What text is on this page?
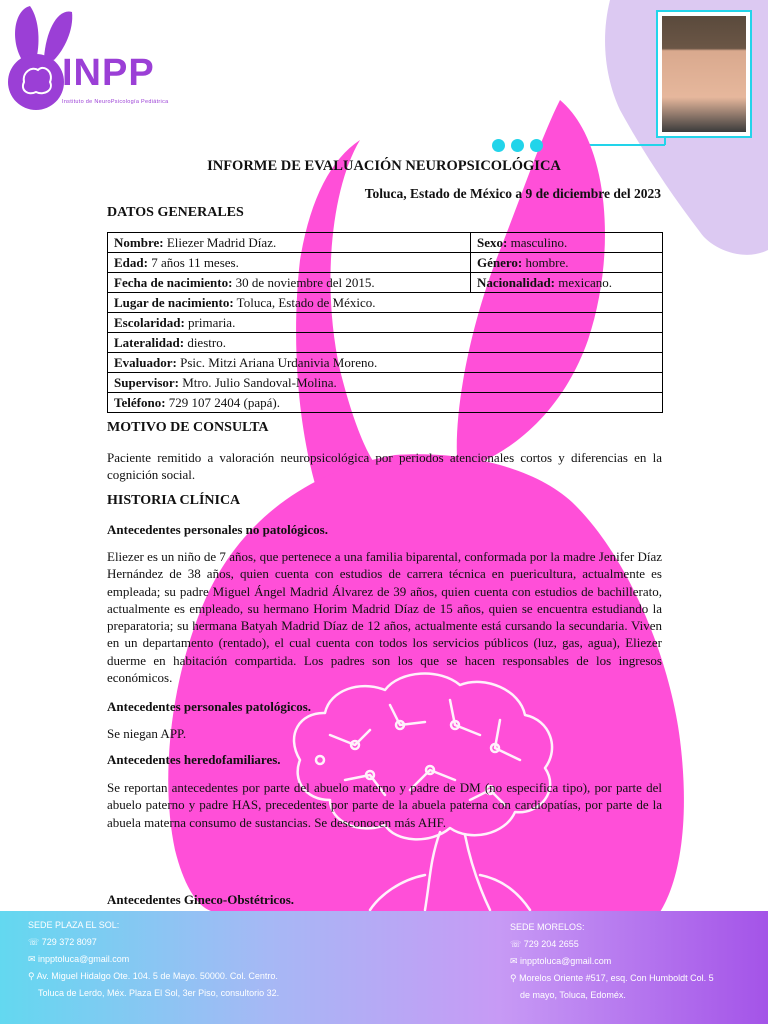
INPP
Instituto de NeuroPsicología Pediátrica
INFORME DE EVALUACIÓN NEUROPSICOLÓGICA
Toluca, Estado de México a 9 de diciembre del 2023
DATOS GENERALES
Nombre: Eliezer Madrid Díaz.	Sexo: masculino.
Edad: 7 años 11 meses.	Género: hombre.
Fecha de nacimiento: 30 de noviembre del 2015.	Nacionalidad: mexicano.
Lugar de nacimiento: Toluca, Estado de México.	
Escolaridad: primaria.	
Lateralidad: diestro.	
Evaluador: Psic. Mitzi Ariana Urdanivia Moreno.	
Supervisor: Mtro. Julio Sandoval-Molina.	
Teléfono: 729 107 2404 (papá).	
MOTIVO DE CONSULTA
Paciente remitido a valoración neuropsicológica por periodos atencionales cortos y diferencias en la cognición social.
HISTORIA CLÍNICA
Antecedentes personales no patológicos.
Eliezer es un niño de 7 años, que pertenece a una familia biparental, conformada por la madre Jenifer Díaz Hernández de 38 años, quien cuenta con estudios de carrera técnica en puericultura, actualmente es empleada; su padre Miguel Ángel Madrid Álvarez de 39 años, quien cuenta con estudios de bachillerato, actualmente es empleado, su hermano Horim Madrid Díaz de 15 años, quien se encuentra estudiando la preparatoria; su hermana Batyah Madrid Díaz de 12 años, actualmente está cursando la secundaria. Viven en un departamento (rentado), el cual cuenta con todos los servicios públicos (luz, gas, agua), Eliezer duerme en habitación compartida. Los padres son los que se hacen responsables de los ingresos económicos.
Antecedentes personales patológicos.
Se niegan APP.
Antecedentes heredofamiliares.
Se reportan antecedentes por parte del abuelo materno y padre de DM (no especifica tipo), por parte del abuelo paterno y padre HAS, precedentes por parte de la abuela paterna con cardiopatías, por parte de la abuela materna consumo de sustancias. Se desconocen más AHF.
Antecedentes Gineco-Obstétricos.
SEDE PLAZA EL SOL:
☏ 729 372 8097
✉ inpptoluca@gmail.com
⚲ Av. Miguel Hidalgo Ote. 104. 5 de Mayo. 50000. Col. Centro.
Toluca de Lerdo, Méx. Plaza El Sol, 3er Piso, consultorio 32.
SEDE MORELOS:
☏ 729 204 2655
✉ inpptoluca@gmail.com
⚲ Morelos Oriente #517, esq. Con Humboldt Col. 5
de mayo, Toluca, Edoméx.
